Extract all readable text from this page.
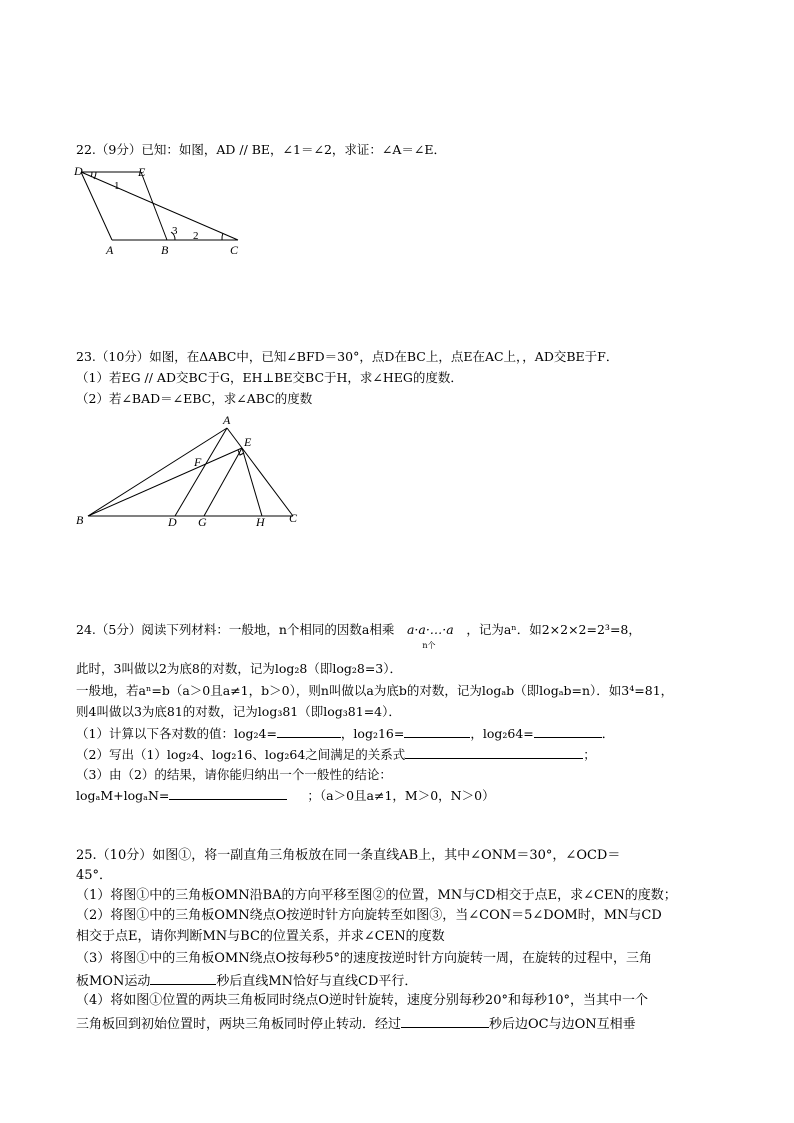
22.（9分）已知：如图，AD // BE，∠1＝∠2，求证：∠A＝∠E．
D	E
A	B	C
1
2
3
23.（10分）如图，在ΔABC中，已知∠BFD＝30°，点D在BC上，点E在AC上，，AD交BE于F．
（1）若EG // AD交BC于G，EH⊥BE交BC于H，求∠HEG的度数．
（2）若∠BAD＝∠EBC，求∠ABC的度数
A
E
F
B	D G	H C
24.（5分）阅读下列材料：一般地，n个相同的因数a相乘 a·a·…·a
n个
，记为aⁿ．如2×2×2=2³=8，
此时，3叫做以2为底8的对数，记为log₂8（即log₂8=3）．
一般地，若aⁿ=b（a＞0且a≠1，b＞0），则n叫做以a为底b的对数，记为logₐb（即logₐb=n）．如3⁴=81，
则4叫做以3为底81的对数，记为log₃81（即log₃81=4）．
（1）计算以下各对数的值：log₂4=	，log₂16=	，log₂64=	．
（2）写出（1）log₂4、log₂16、log₂64之间满足的关系式	；
（3）由（2）的结果，请你能归纳出一个一般性的结论：
logₐM+logₐN=	；（a＞0且a≠1，M＞0，N＞0）
25.（10分）如图①，将一副直角三角板放在同一条直线AB上，其中∠ONM＝30°，∠OCD＝
45°．
（1）将图①中的三角板OMN沿BA的方向平移至图②的位置，MN与CD相交于点E，求∠CEN的度数；
（2）将图①中的三角板OMN绕点O按逆时针方向旋转至如图③，当∠CON＝5∠DOM时，MN与CD
相交于点E，请你判断MN与BC的位置关系，并求∠CEN的度数
（3）将图①中的三角板OMN绕点O按每秒5°的速度按逆时针方向旋转一周，在旋转的过程中，三角
板MON运动	秒后直线MN恰好与直线CD平行．
（4）将如图①位置的两块三角板同时绕点O逆时针旋转，速度分别每秒20°和每秒10°，当其中一个
三角板回到初始位置时，两块三角板同时停止转动．经过	秒后边OC与边ON互相垂
